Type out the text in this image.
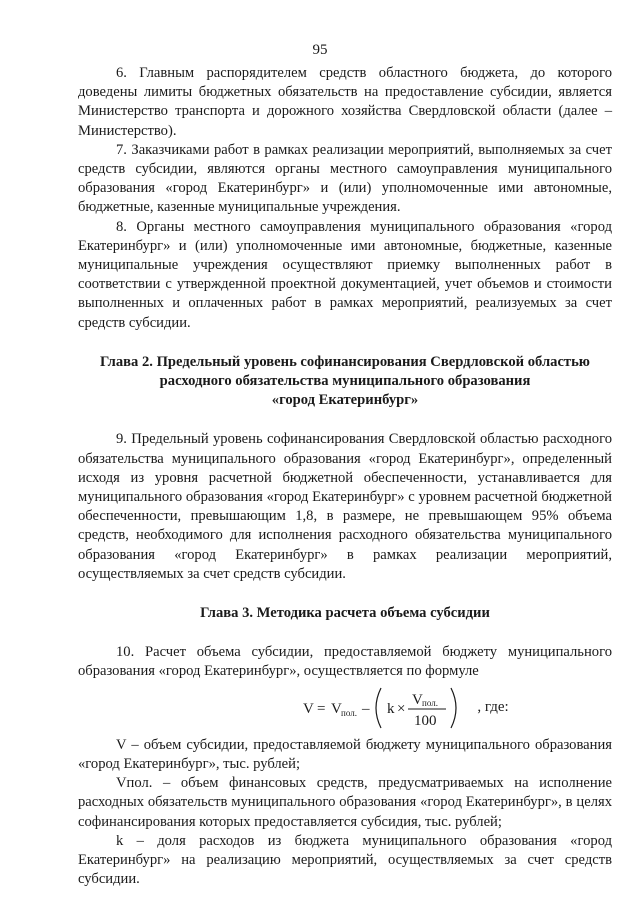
95

6. Главным распорядителем средств областного бюджета, до которого доведены лимиты бюджетных обязательств на предоставление субсидии, является Министерство транспорта и дорожного хозяйства Свердловской области (далее – Министерство).

7. Заказчиками работ в рамках реализации мероприятий, выполняемых за счет средств субсидии, являются органы местного самоуправления муниципального образования «город Екатеринбург» и (или) уполномоченные ими автономные, бюджетные, казенные муниципальные учреждения.

8. Органы местного самоуправления муниципального образования «город Екатеринбург» и (или) уполномоченные ими автономные, бюджетные, казенные муниципальные учреждения осуществляют приемку выполненных работ в соответствии с утвержденной проектной документацией, учет объемов и стоимости выполненных и оплаченных работ в рамках мероприятий, реализуемых за счет средств субсидии.

Глава 2. Предельный уровень софинансирования Свердловской областью
расходного обязательства муниципального образования
«город Екатеринбург»

9. Предельный уровень софинансирования Свердловской областью расходного обязательства муниципального образования «город Екатеринбург», определенный исходя из уровня расчетной бюджетной обеспеченности, устанавливается для муниципального образования «город Екатеринбург» с уровнем расчетной бюджетной обеспеченности, превышающим 1,8, в размере, не превышающем 95% объема средств, необходимого для исполнения расходного обязательства муниципального образования «город Екатеринбург» в рамках реализации мероприятий, осуществляемых за счет средств субсидии.

Глава 3. Методика расчета объема субсидии

10. Расчет объема субсидии, предоставляемой бюджету муниципального образования «город Екатеринбург», осуществляется по формуле

V = V пол. – k ×
V пол.
100
, где:

V – объем субсидии, предоставляемой бюджету муниципального образования «город Екатеринбург», тыс. рублей;

Vпол. – объем финансовых средств, предусматриваемых на исполнение расходных обязательств муниципального образования «город Екатеринбург», в целях софинансирования которых предоставляется субсидия, тыс. рублей;

k – доля расходов из бюджета муниципального образования «город Екатеринбург» на реализацию мероприятий, осуществляемых за счет средств субсидии.
